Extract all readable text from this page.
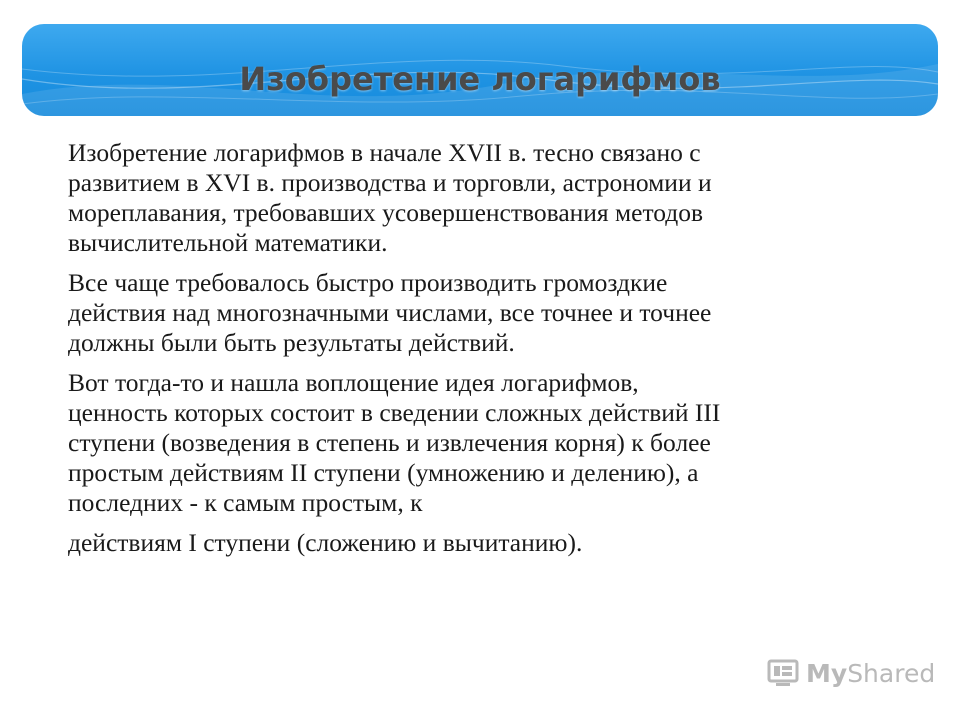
Изобретение логарифмов

Изобретение логарифмов в начале XVII в. тесно связано с
развитием в XVI в. производства и торговли, астрономии и
мореплавания, требовавших усовершенствования методов
вычислительной математики.

Все чаще требовалось быстро производить громоздкие
действия над многозначными числами, все точнее и точнее
должны были быть результаты действий.

Вот тогда-то и нашла воплощение идея логарифмов,
ценность которых состоит в сведении сложных действий III
ступени (возведения в степень и извлечения корня) к более
простым действиям II ступени (умножению и делению), а
последних - к самым простым, к

действиям I ступени (сложению и вычитанию).
MyShared
